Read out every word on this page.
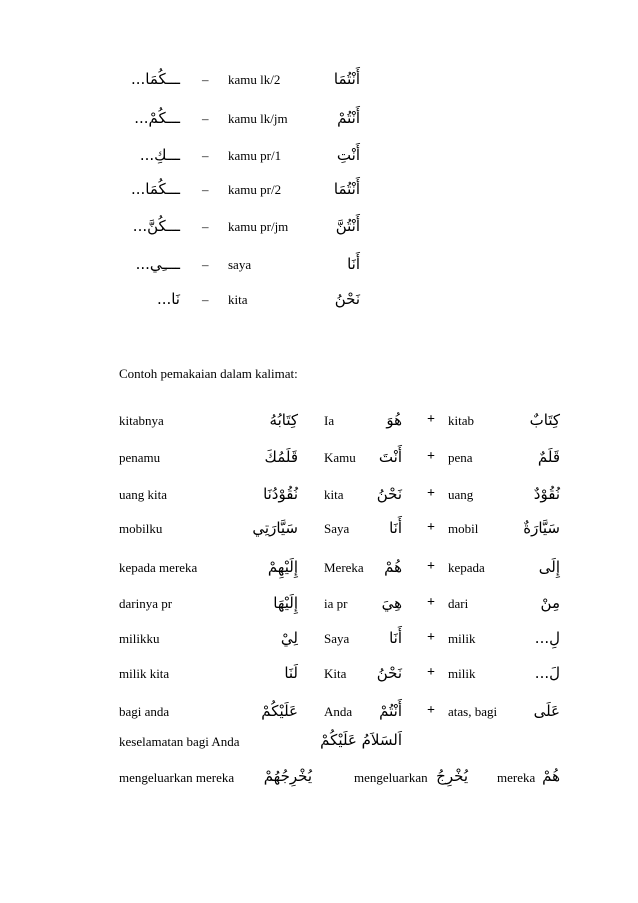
ـــكُمَا... – kamu lk/2	أَنْتُمَا
ـــكُمْ... – kamu lk/jm	أَنْتُمْ
ـــكِ... – kamu pr/1	أَنْتِ
ـــكُمَا... – kamu pr/2	أَنْتُمَا
ـــكُنَّ... – kamu pr/jm	أَنْتُنَّ
ــــِي... – saya	أَنَا
نَا... – kita	نَحْنُ
Contoh pemakaian dalam kalimat:
kitabnya	كِتَابُهُ Ia	هُوَ + kitab	كِتَابٌ
penamu	قَلَمُكَ Kamu أَنْتَ + pena	قَلَمٌ
uang kita	نُقُوْدُنَا kita نَحْنُ + uang	نُقُوْدٌ
mobilku	سَيَّارَتِي Saya	أَنَا + mobil	سَيَّارَةٌ
kepada mereka	إِلَيْهِمْ Mereka هُمْ + kepada	إِلَى
darinya pr	إِلَيْهَا ia pr هِيَ + dari	مِنْ
milikku	لِيْ Saya	أَنَا + milik	لِ...
milik kita	لَنَا Kita نَحْنُ + milik	لَ...
bagi anda	عَلَيْكُمْ Anda أَنْتُمْ + atas, bagi عَلَى
keselamatan bagi Anda	اَلسَلاَمُ عَلَيْكُمْ
mengeluarkan mereka يُخْرِجُهُمْ	mengeluarkan يُخْرِجُ mereka هُمْ
